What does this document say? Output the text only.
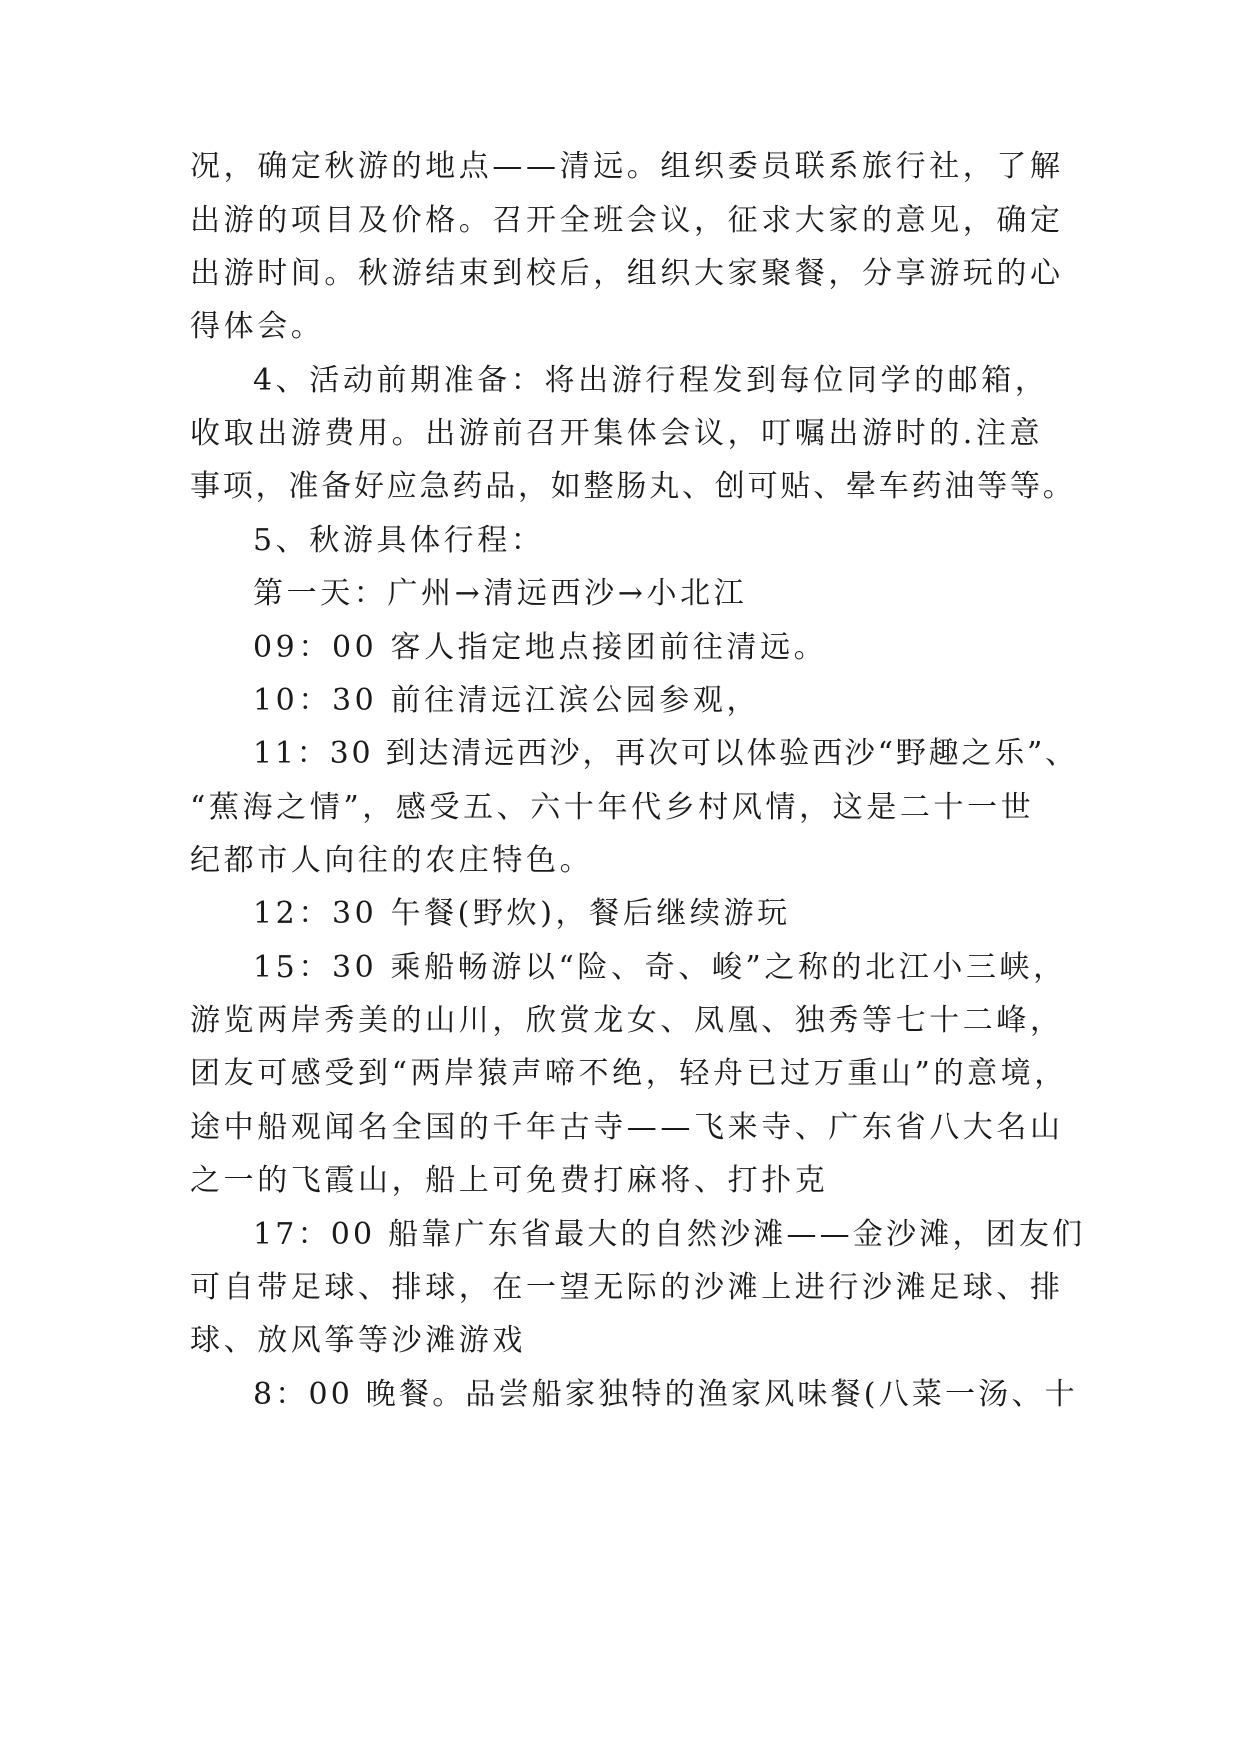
况，确定秋游的地点——清远。组织委员联系旅行社，了解
出游的项目及价格。召开全班会议，征求大家的意见，确定
出游时间。秋游结束到校后，组织大家聚餐，分享游玩的心
得体会。
4、活动前期准备：将出游行程发到每位同学的邮箱，
收取出游费用。出游前召开集体会议，叮嘱出游时的.注意
事项，准备好应急药品，如整肠丸、创可贴、晕车药油等等。
5、秋游具体行程：
第一天：广州→清远西沙→小北江
09：00 客人指定地点接团前往清远。
10：30 前往清远江滨公园参观，
11：30 到达清远西沙，再次可以体验西沙“野趣之乐”、
“蕉海之情”，感受五、六十年代乡村风情，这是二十一世
纪都市人向往的农庄特色。
12：30 午餐(野炊)，餐后继续游玩
15：30 乘船畅游以“险、奇、峻”之称的北江小三峡，
游览两岸秀美的山川，欣赏龙女、凤凰、独秀等七十二峰，
团友可感受到“两岸猿声啼不绝，轻舟已过万重山”的意境，
途中船观闻名全国的千年古寺——飞来寺、广东省八大名山
之一的飞霞山，船上可免费打麻将、打扑克
17：00 船靠广东省最大的自然沙滩——金沙滩，团友们
可自带足球、排球，在一望无际的沙滩上进行沙滩足球、排
球、放风筝等沙滩游戏
8：00 晚餐。品尝船家独特的渔家风味餐(八菜一汤、十
